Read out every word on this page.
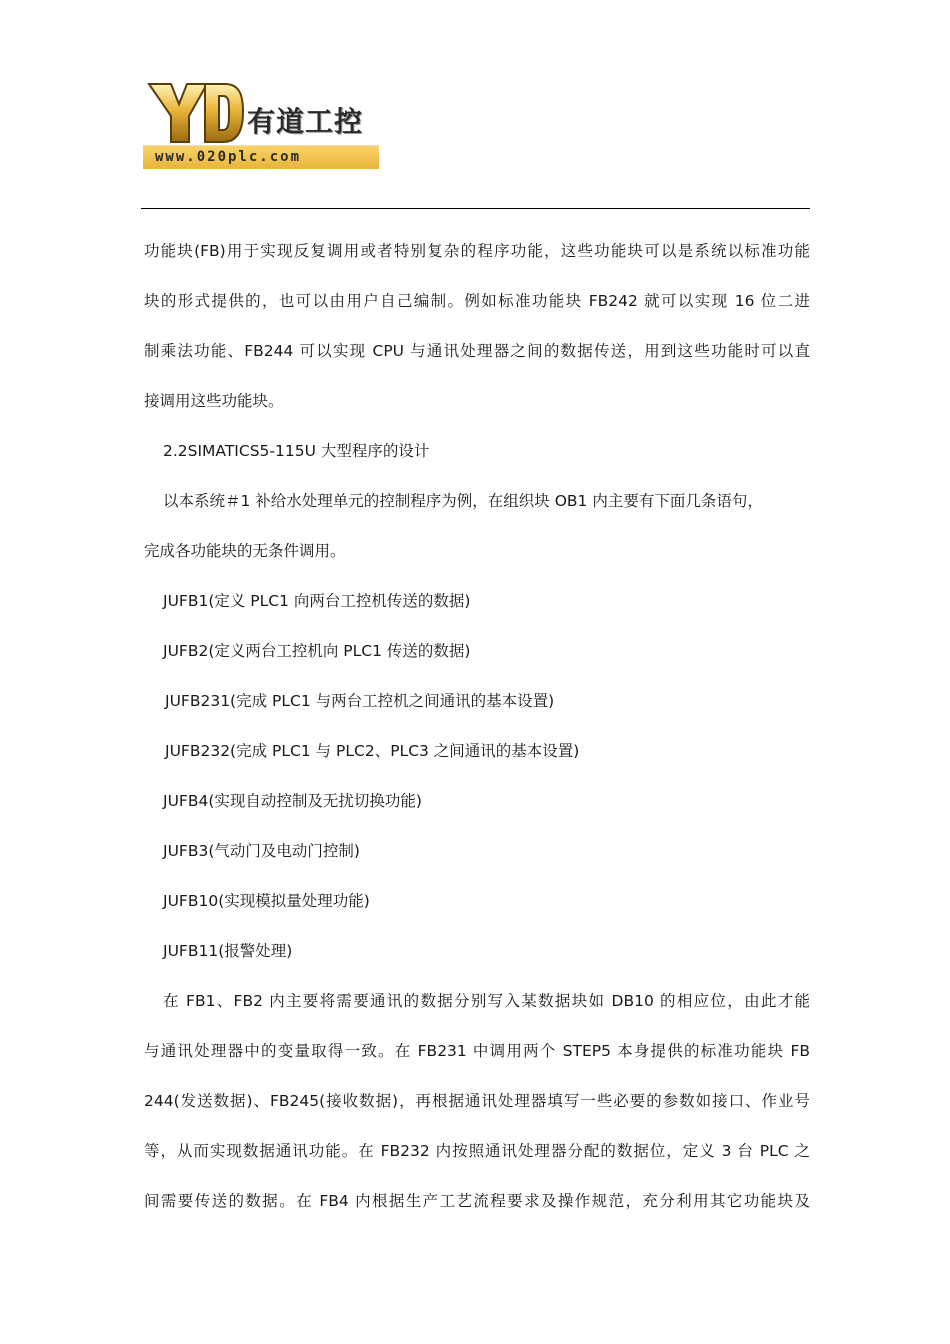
有道工控
www.020plc.com

功能块(FB)用于实现反复调用或者特别复杂的程序功能，这些功能块可以是系统以标准功能

块的形式提供的，也可以由用户自己编制。例如标准功能块 FB242 就可以实现 16 位二进

制乘法功能、FB244 可以实现 CPU 与通讯处理器之间的数据传送，用到这些功能时可以直

接调用这些功能块。

2.2SIMATICS5-115U 大型程序的设计

以本系统＃1 补给水处理单元的控制程序为例，在组织块 OB1 内主要有下面几条语句，

完成各功能块的无条件调用。

JUFB1(定义 PLC1 向两台工控机传送的数据)

JUFB2(定义两台工控机向 PLC1 传送的数据)

JUFB231(完成 PLC1 与两台工控机之间通讯的基本设置)

JUFB232(完成 PLC1 与 PLC2、PLC3 之间通讯的基本设置)

JUFB4(实现自动控制及无扰切换功能)

JUFB3(气动门及电动门控制)

JUFB10(实现模拟量处理功能)

JUFB11(报警处理)

在 FB1、FB2 内主要将需要通讯的数据分别写入某数据块如 DB10 的相应位，由此才能

与通讯处理器中的变量取得一致。在 FB231 中调用两个 STEP5 本身提供的标准功能块 FB

244(发送数据)、FB245(接收数据)，再根据通讯处理器填写一些必要的参数如接口、作业号

等，从而实现数据通讯功能。在 FB232 内按照通讯处理器分配的数据位，定义 3 台 PLC 之

间需要传送的数据。在 FB4 内根据生产工艺流程要求及操作规范，充分利用其它功能块及
